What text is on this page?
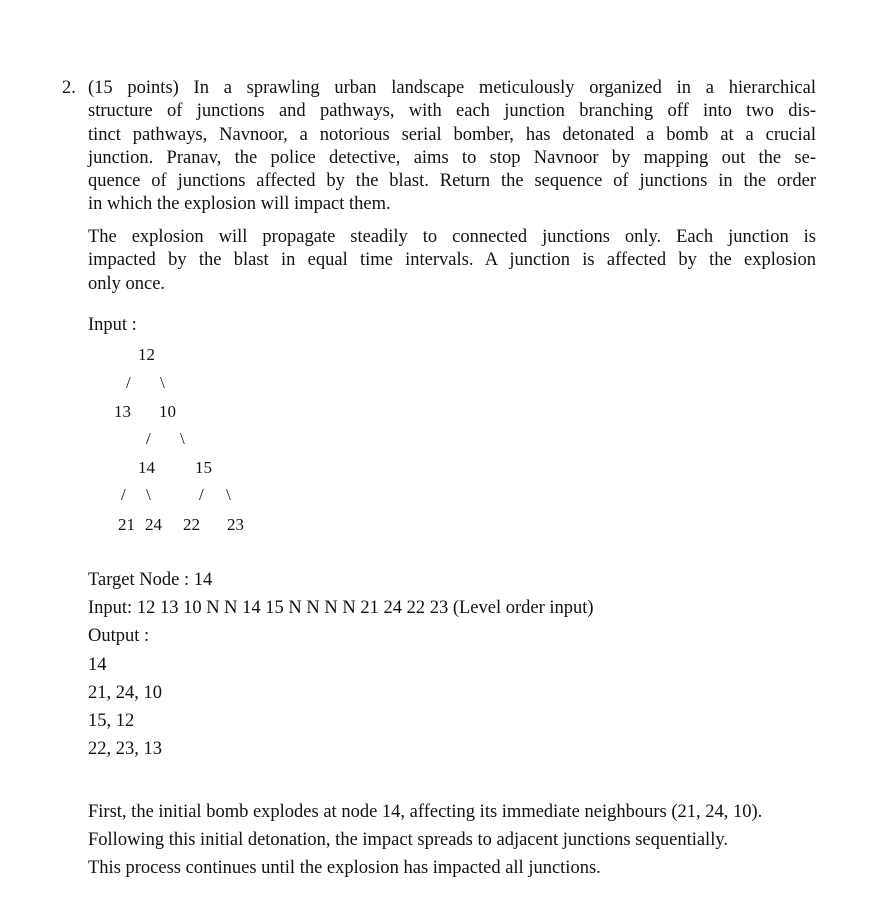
2. (15 points) In a sprawling urban landscape meticulously organized in a hierarchical
structure of junctions and pathways, with each junction branching off into two dis-
tinct pathways, Navnoor, a notorious serial bomber, has detonated a bomb at a crucial
junction. Pranav, the police detective, aims to stop Navnoor by mapping out the se-
quence of junctions affected by the blast. Return the sequence of junctions in the order
in which the explosion will impact them.

The explosion will propagate steadily to connected junctions only. Each junction is
impacted by the blast in equal time intervals. A junction is affected by the explosion
only once.

Input :
12
/ \
13 10
/ \
14 15
/ \	/ \
21 24 22 23
Target Node : 14
Input: 12 13 10 N N 14 15 N N N N 21 24 22 23 (Level order input)
Output :
14
21, 24, 10
15, 12
22, 23, 13

First, the initial bomb explodes at node 14, affecting its immediate neighbours (21, 24, 10).
Following this initial detonation, the impact spreads to adjacent junctions sequentially.
This process continues until the explosion has impacted all junctions.
